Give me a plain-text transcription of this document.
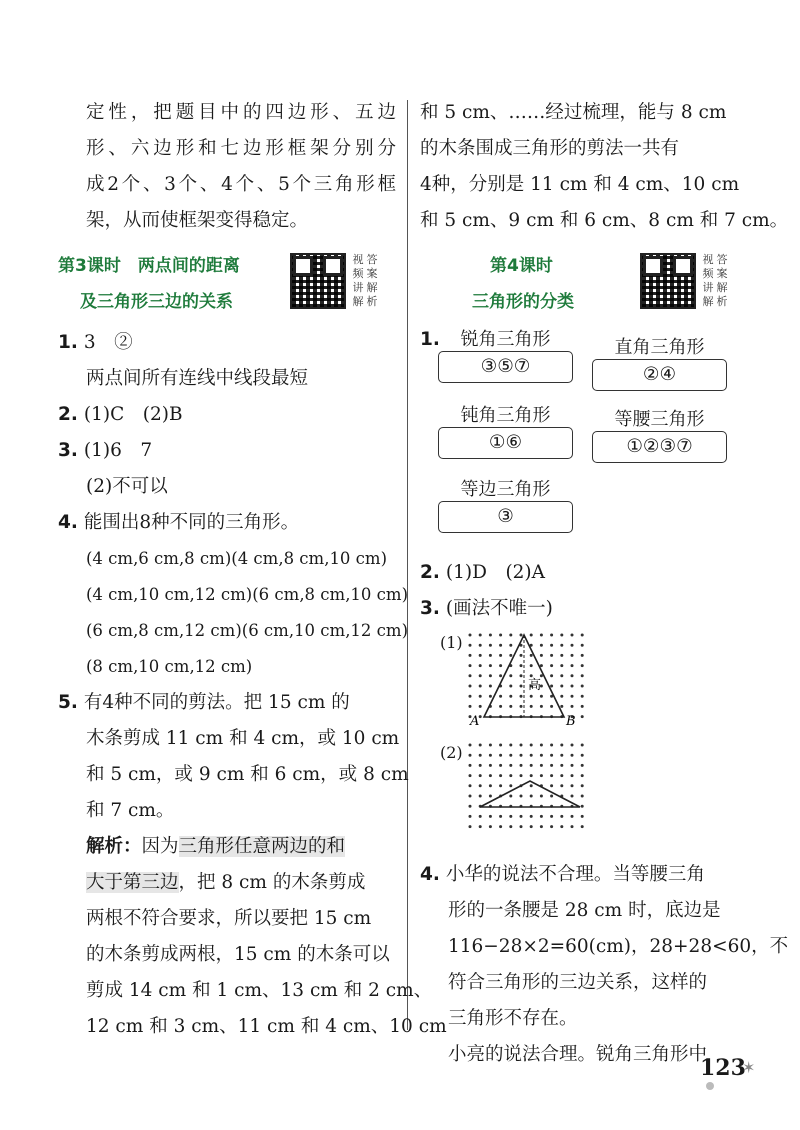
定性，把题目中的四边形、五边
形、六边形和七边形框架分别分
成2个、3个、4个、5个三角形框
架，从而使框架变得稳定。
第3课时　两点间的距离
及三角形三边的关系
视 答
频 案
讲 解
解 析
1. 3　②
两点间所有连线中线段最短
2. (1)C　(2)B
3. (1)6　7
(2)不可以
4. 能围出8种不同的三角形。
(4 cm,6 cm,8 cm)(4 cm,8 cm,10 cm)
(4 cm,10 cm,12 cm)(6 cm,8 cm,10 cm)
(6 cm,8 cm,12 cm)(6 cm,10 cm,12 cm)
(8 cm,10 cm,12 cm)
5. 有4种不同的剪法。把 15 cm 的
木条剪成 11 cm 和 4 cm，或 10 cm
和 5 cm，或 9 cm 和 6 cm，或 8 cm
和 7 cm。
解析：因为三角形任意两边的和
大于第三边，把 8 cm 的木条剪成
两根不符合要求，所以要把 15 cm
的木条剪成两根，15 cm 的木条可以
剪成 14 cm 和 1 cm、13 cm 和 2 cm、
12 cm 和 3 cm、11 cm 和 4 cm、10 cm
和 5 cm、……经过梳理，能与 8 cm
的木条围成三角形的剪法一共有
4种，分别是 11 cm 和 4 cm、10 cm
和 5 cm、9 cm 和 6 cm、8 cm 和 7 cm。
第4课时
三角形的分类
视 答
频 案
讲 解
解 析
1.	锐角三角形
③⑤⑦
直角三角形
②④
钝角三角形
①⑥
等腰三角形
①②③⑦
等边三角形
③
2. (1)D　(2)A
3. (画法不唯一)
(1)
高
A	B
(2)
4. 小华的说法不合理。当等腰三角
形的一条腰是 28 cm 时，底边是
116−28×2=60(cm)，28+28<60，不
符合三角形的三边关系，这样的
三角形不存在。
小亮的说法合理。锐角三角形中
123
✶
